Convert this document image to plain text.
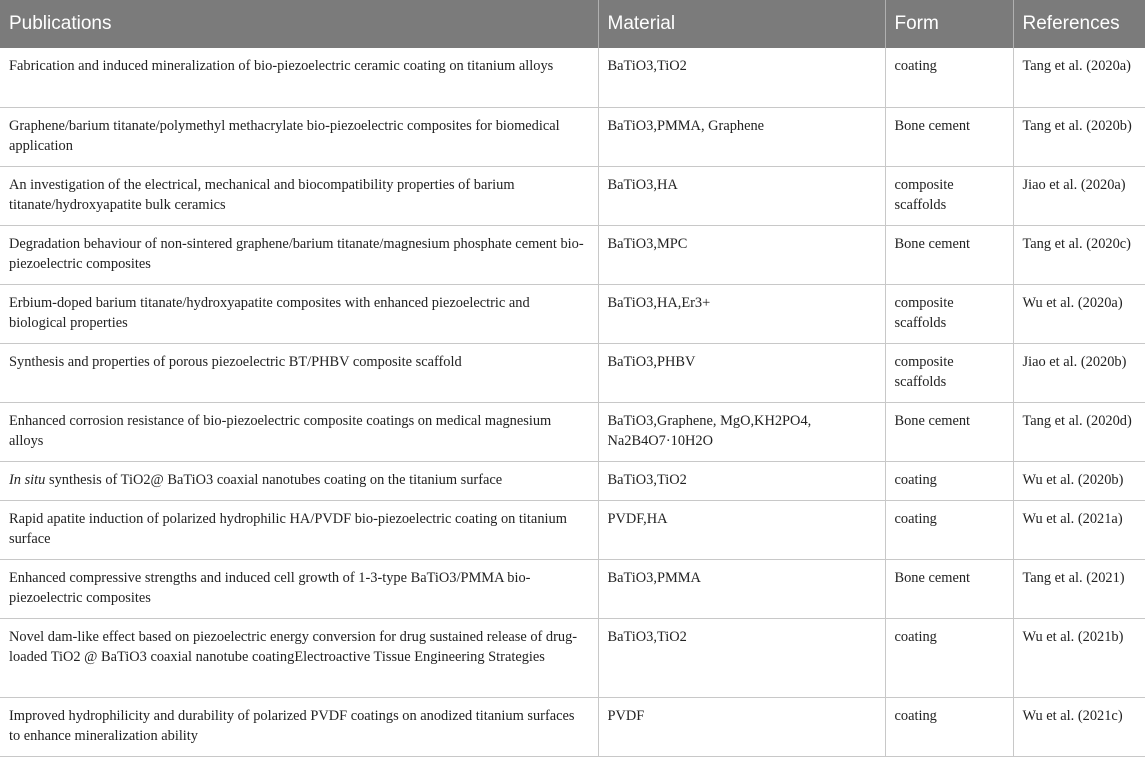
Publications	Material	Form	References
Fabrication and induced mineralization of bio-piezoelectric ceramic coating on titanium alloys	BaTiO3,TiO2	coating	Tang et al. (2020a)
Graphene/barium titanate/polymethyl methacrylate bio-piezoelectric composites for biomedical application	BaTiO3,PMMA, Graphene	Bone cement	Tang et al. (2020b)
An investigation of the electrical, mechanical and biocompatibility properties of barium titanate/hydroxyapatite bulk ceramics	BaTiO3,HA	composite scaffolds	Jiao et al. (2020a)
Degradation behaviour of non-sintered graphene/barium titanate/magnesium phosphate cement bio-piezoelectric composites	BaTiO3,MPC	Bone cement	Tang et al. (2020c)
Erbium-doped barium titanate/hydroxyapatite composites with enhanced piezoelectric and biological properties	BaTiO3,HA,Er3+	composite scaffolds	Wu et al. (2020a)
Synthesis and properties of porous piezoelectric BT/PHBV composite scaffold	BaTiO3,PHBV	composite scaffolds	Jiao et al. (2020b)
Enhanced corrosion resistance of bio-piezoelectric composite coatings on medical magnesium alloys	BaTiO3,Graphene, MgO,KH2PO4, Na2B4O7·10H2O	Bone cement	Tang et al. (2020d)
In situ synthesis of TiO2@ BaTiO3 coaxial nanotubes coating on the titanium surface	BaTiO3,TiO2	coating	Wu et al. (2020b)
Rapid apatite induction of polarized hydrophilic HA/PVDF bio-piezoelectric coating on titanium surface	PVDF,HA	coating	Wu et al. (2021a)
Enhanced compressive strengths and induced cell growth of 1-3-type BaTiO3/PMMA bio-piezoelectric composites	BaTiO3,PMMA	Bone cement	Tang et al. (2021)
Novel dam-like effect based on piezoelectric energy conversion for drug sustained release of drug-loaded TiO2 @ BaTiO3 coaxial nanotube coatingElectroactive Tissue Engineering Strategies	BaTiO3,TiO2	coating	Wu et al. (2021b)
Improved hydrophilicity and durability of polarized PVDF coatings on anodized titanium surfaces to enhance mineralization ability	PVDF	coating	Wu et al. (2021c)
